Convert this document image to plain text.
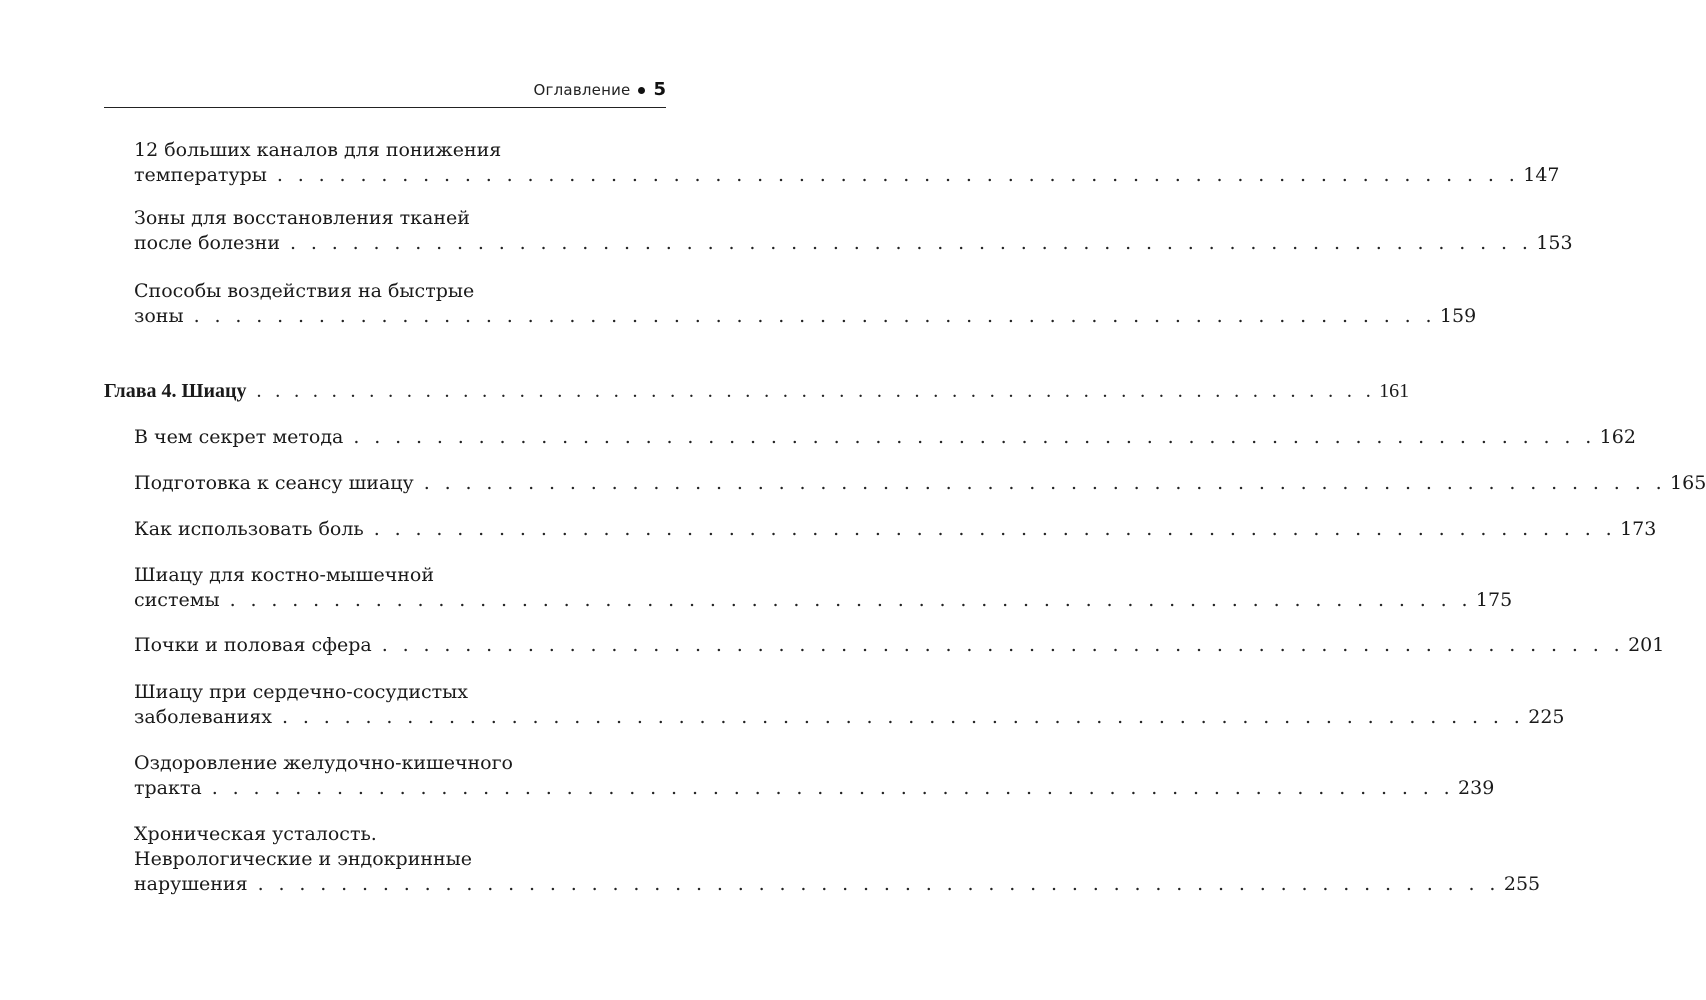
Оглавление 5
12 больших каналов для понижения
температуры . . . . . . . . . . . . . . . . . . . . . . . . . . . . . . . . . . . . . . . . . . . . . . . . . . . . . . . . . . . . 147
Зоны для восстановления тканей
после болезни . . . . . . . . . . . . . . . . . . . . . . . . . . . . . . . . . . . . . . . . . . . . . . . . . . . . . . . . . . . . 153
Способы воздействия на быстрые
зоны . . . . . . . . . . . . . . . . . . . . . . . . . . . . . . . . . . . . . . . . . . . . . . . . . . . . . . . . . . . . 159
Глава 4. Шиацу . . . . . . . . . . . . . . . . . . . . . . . . . . . . . . . . . . . . . . . . . . . . . . . . . . . . . . . . . . . . 161
В чем секрет метода . . . . . . . . . . . . . . . . . . . . . . . . . . . . . . . . . . . . . . . . . . . . . . . . . . . . . . . . . . . . 162
Подготовка к сеансу шиацу . . . . . . . . . . . . . . . . . . . . . . . . . . . . . . . . . . . . . . . . . . . . . . . . . . . . . . . . . . . . 165
Как использовать боль . . . . . . . . . . . . . . . . . . . . . . . . . . . . . . . . . . . . . . . . . . . . . . . . . . . . . . . . . . . . 173
Шиацу для костно-мышечной
системы . . . . . . . . . . . . . . . . . . . . . . . . . . . . . . . . . . . . . . . . . . . . . . . . . . . . . . . . . . . . 175
Почки и половая сфера . . . . . . . . . . . . . . . . . . . . . . . . . . . . . . . . . . . . . . . . . . . . . . . . . . . . . . . . . . . . 201
Шиацу при сердечно-сосудистых
заболеваниях . . . . . . . . . . . . . . . . . . . . . . . . . . . . . . . . . . . . . . . . . . . . . . . . . . . . . . . . . . . . 225
Оздоровление желудочно-кишечного
тракта . . . . . . . . . . . . . . . . . . . . . . . . . . . . . . . . . . . . . . . . . . . . . . . . . . . . . . . . . . . . 239
Хроническая усталость.
Неврологические и эндокринные
нарушения . . . . . . . . . . . . . . . . . . . . . . . . . . . . . . . . . . . . . . . . . . . . . . . . . . . . . . . . . . . . 255
